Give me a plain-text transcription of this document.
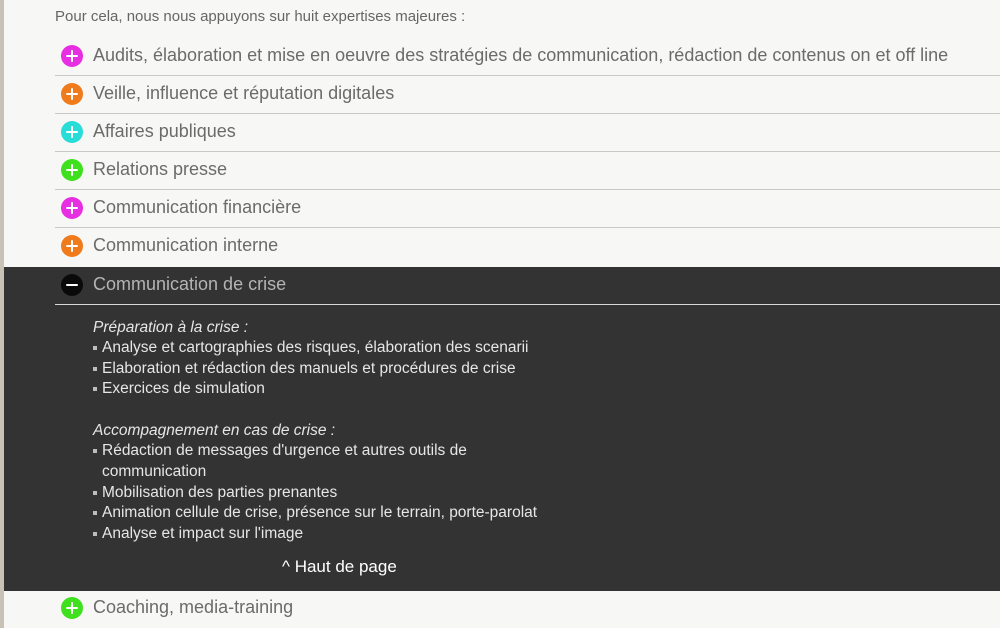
Pour cela, nous nous appuyons sur huit expertises majeures :

Audits, élaboration et mise en oeuvre des stratégies de communication, rédaction de contenus on et off line
Veille, influence et réputation digitales
Affaires publiques
Relations presse
Communication financière
Communication interne
Communication de crise

Préparation à la crise :

Analyse et cartographies des risques, élaboration des scenarii
Elaboration et rédaction des manuels et procédures de crise
Exercices de simulation

Accompagnement en cas de crise :

Rédaction de messages d'urgence et autres outils de communication
Mobilisation des parties prenantes
Animation cellule de crise, présence sur le terrain, porte-parolat
Analyse et impact sur l'image
^ Haut de page
Coaching, media-training
